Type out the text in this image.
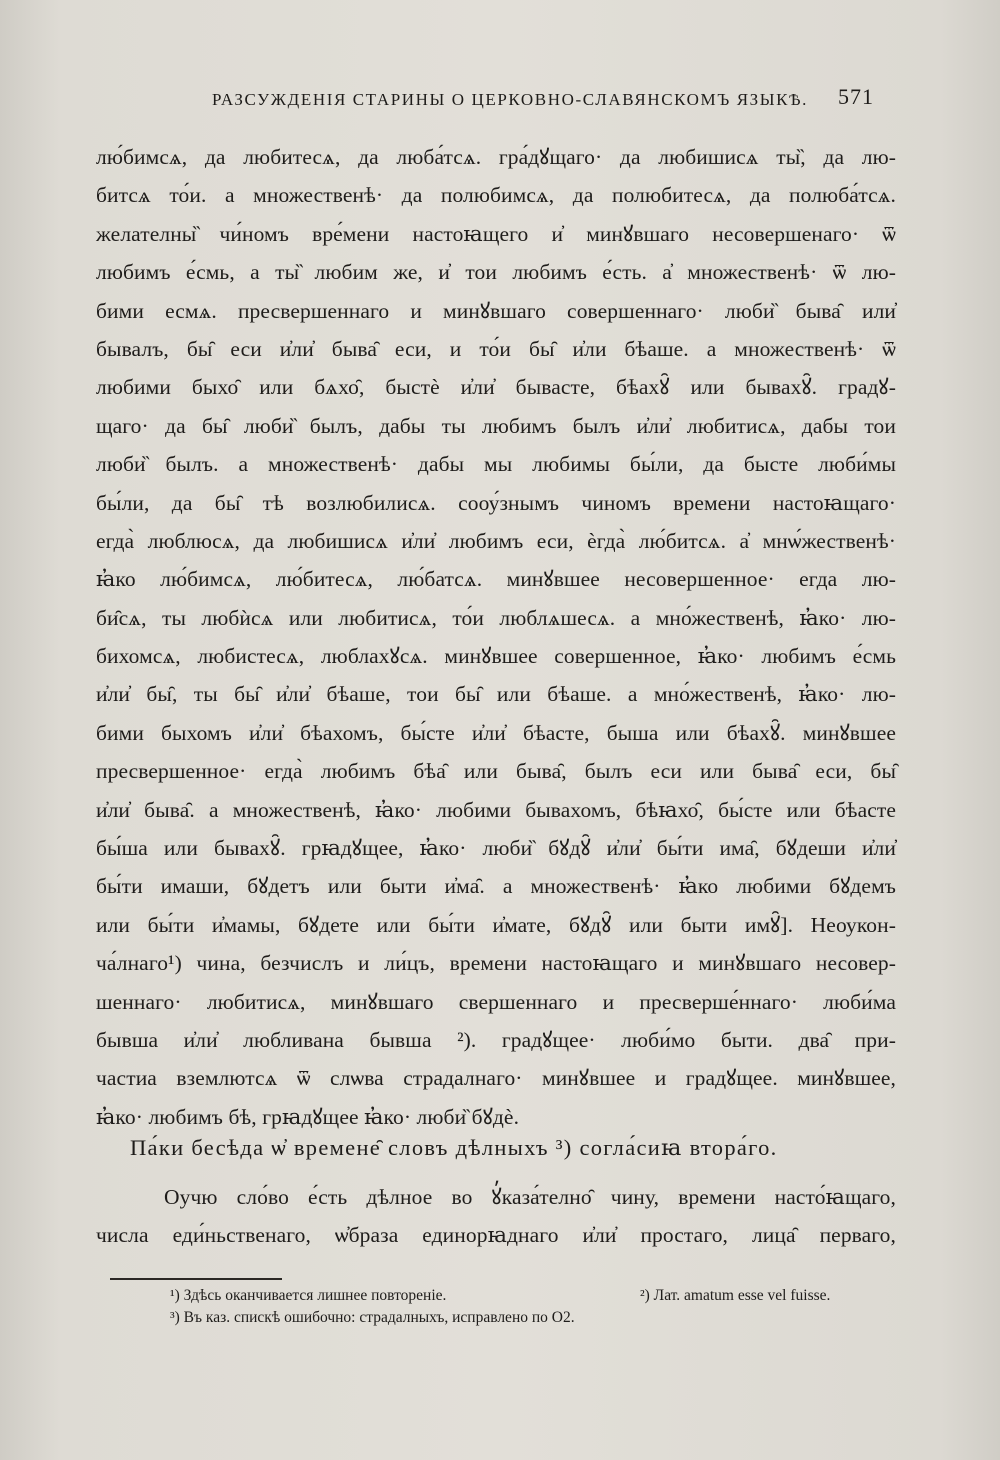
РАЗСУЖДЕНІЯ СТАРИНЫ О ЦЕРКОВНО-СЛАВЯНСКОМЪ ЯЗЫКѢ. 571
лю́бимсѧ, да любитесѧ, да люба́тсѧ. гра́дꙋщаго· да любишисѧ ты̏, да лю-
битсѧ то́и. а множественѣ· да полюбимсѧ, да полюбитесѧ, да полюба́тсѧ.
желателны̏ чи́номъ вре́мени настоꙗщего и̓ минꙋвшаго несовершенаго· ѿ
любимъ е́смь, а ты̏ любим же, и̓ тои любимъ е́сть. а̓ множественѣ· ѿ лю-
бими есмѧ. пресвершеннаго и минꙋвшаго совершеннаго· люби̏ быва̑ или̓
бывалъ, бы̑ еси и̓ли̓ быва̑ еси, и то́и бы̑ и̓ли бѣаше. а множественѣ· ѿ
любими быхо̑ или бѧхо̑, быстѐ и̓ли̓ бываcте, бѣахꙋ̑ или бывахꙋ̑. градꙋ-
щаго· да бы̑ люби̏ былъ, дабы ты любимъ былъ и̓ли̓ любитисѧ, дабы тои
люби̏ былъ. а множественѣ· дабы мы любимы бы́ли, да бысте люби́мы
бы́ли, да бы̑ тѣ возлюбилисѧ. сооу́знымъ чиномъ времени настоꙗщаго·
егда̀ люблюсѧ, да любишисѧ и̓ли̓ любимъ еси, ѐгда̀ лю́битсѧ. а̓ мнѡ́жественѣ·
ꙗ̓ко лю́бимсѧ, лю́битесѧ, лю́батсѧ. минꙋвшее несовершенное· егда лю-
би̑сѧ, ты любѝсѧ или любитисѧ, то́и люблѧшесѧ. а мно́жественѣ, ꙗ̓ко· лю-
бихомсѧ, любистесѧ, люблахꙋсѧ. минꙋвшее совершенное, ꙗ̓ко· любимъ е́смь
и̓ли̓ бы̑, ты бы̑ и̓ли̓ бѣаше, тои бы̑ или бѣаше. а мно́жественѣ, ꙗ̓ко· лю-
бими быхомъ и̓ли̓ бѣахомъ, бы́сте и̓ли̓ бѣасте, быша или бѣахꙋ̑. минꙋвшее
пресвершенное· егда̀ любимъ бѣа̑ или быва̑, былъ еси или быва̑ еси, бы̑
и̓ли̓ быва̑. а множественѣ, ꙗ̓ко· любими бывахомъ, бѣꙗхо̑, бы́сте или бѣасте
бы́ша или бывахꙋ̑. грꙗдꙋщее, ꙗ̓ко· люби̏ бꙋдꙋ̑ и̓ли̓ бы́ти има̑, бꙋдеши и̓ли̓
бы́ти имаши, бꙋдетъ или быти и̓ма̑. а множественѣ· ꙗ̓ко любими бꙋдемъ
или бы́ти и̓мамы, бꙋдете или бы́ти и̓мате, бꙋдꙋ̑ или быти имꙋ̑]. Неоукон-
ча́лнаго¹) чина, безчислъ и ли́цъ, времени настоꙗщаго и минꙋвшаго несовер-
шеннаго· любитисѧ, минꙋвшаго свершеннаго и пресверше́ннаго· люби́ма
бывша и̓ли̓ любливана бывша ²). градꙋщее· люби́мо быти. два̑ при-
частиа вземлютсѧ ѿ слѡва страдалнаго· минꙋвшее и градꙋщее. минꙋвшее,
ꙗ̓ко· любимъ бѣ, грꙗдꙋщее ꙗ̓ко· люби̏ бꙋдѐ.
Па́ки бесѣда ѡ̓ времене̑ словъ дѣлныхъ ³) согла́сиꙗ втора́го.
Оучю сло́во е́сть дѣлное во ꙋ̓каза́телно̑ чину, времени насто́ꙗщаго,
числа еди́ньственаго, ѡ̓браза единорꙗднаго и̓ли̓ простаго, лица̑ перваго,
¹) Здѣсь оканчивается лишнее повтореніе.	²) Лат. amatum esse vel fuisse.
³) Въ каз. спискѣ ошибочно: страдалныхъ, исправлено по О2.
